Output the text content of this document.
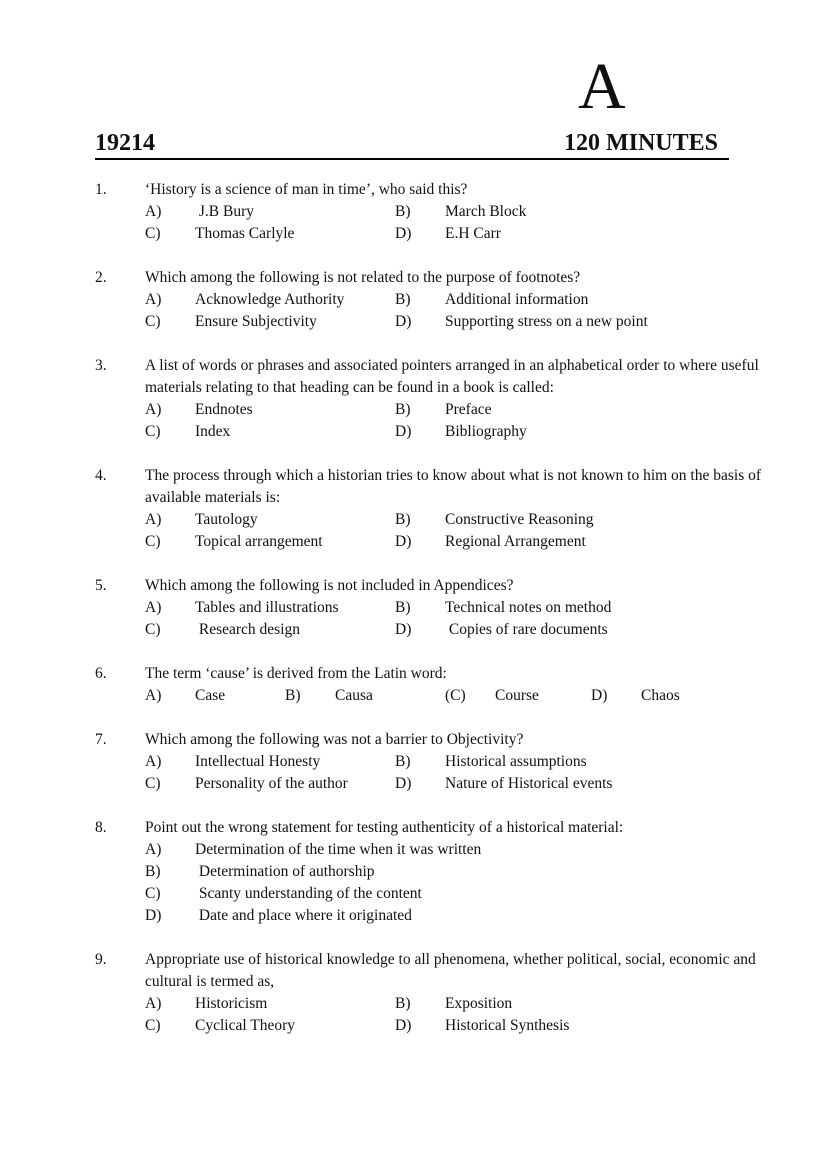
A
19214	120 MINUTES
1.	‘History is a science of man in time’, who said this?
A) J.B Bury	B) March Block
C) Thomas Carlyle	D) E.H Carr
2.	Which among the following is not related to the purpose of footnotes?
A) Acknowledge Authority	B) Additional information
C) Ensure Subjectivity	D) Supporting stress on a new point
3.	A list of words or phrases and associated pointers arranged in an alphabetical order to where useful materials relating to that heading can be found in a book is called:
A) Endnotes	B) Preface
C) Index	D) Bibliography
4.	The process through which a historian tries to know about what is not known to him on the basis of available materials is:
A) Tautology	B) Constructive Reasoning
C) Topical arrangement	D) Regional Arrangement
5.	Which among the following is not included in Appendices?
A) Tables and illustrations	B) Technical notes on method
C) Research design	D) Copies of rare documents
6.	The term ‘cause’ is derived from the Latin word:
A) Case	B) Causa	(C) Course	D) Chaos
7.	Which among the following was not a barrier to Objectivity?
A) Intellectual Honesty	B) Historical assumptions
C) Personality of the author	D) Nature of Historical events
8.	Point out the wrong statement for testing authenticity of a historical material:
A) Determination of the time when it was written
B) Determination of authorship
C) Scanty understanding of the content
D) Date and place where it originated
9.	Appropriate use of historical knowledge to all phenomena, whether political, social, economic and cultural is termed as,
A) Historicism	B) Exposition
C) Cyclical Theory	D) Historical Synthesis
